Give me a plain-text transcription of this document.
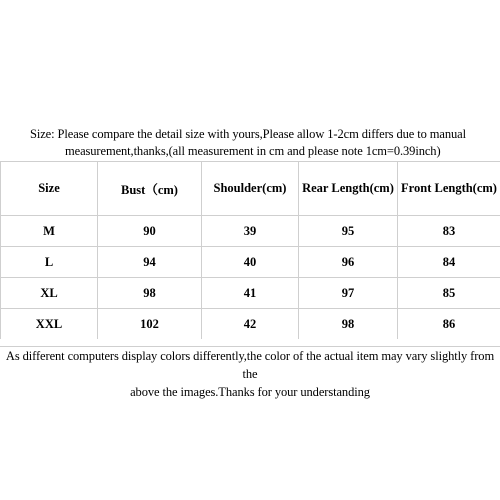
Size: Please compare the detail size with yours,Please allow 1-2cm differs due to manual
measurement,thanks,(all measurement in cm and please note 1cm=0.39inch)
Size	Bust（cm)	Shoulder(cm)	Rear Length(cm)	Front Length(cm)
M	90	39	95	83
L	94	40	96	84
XL	98	41	97	85
XXL	102	42	98	86
As different computers display colors differently,the color of the actual item may vary slightly from the
above the images.Thanks for your understanding
